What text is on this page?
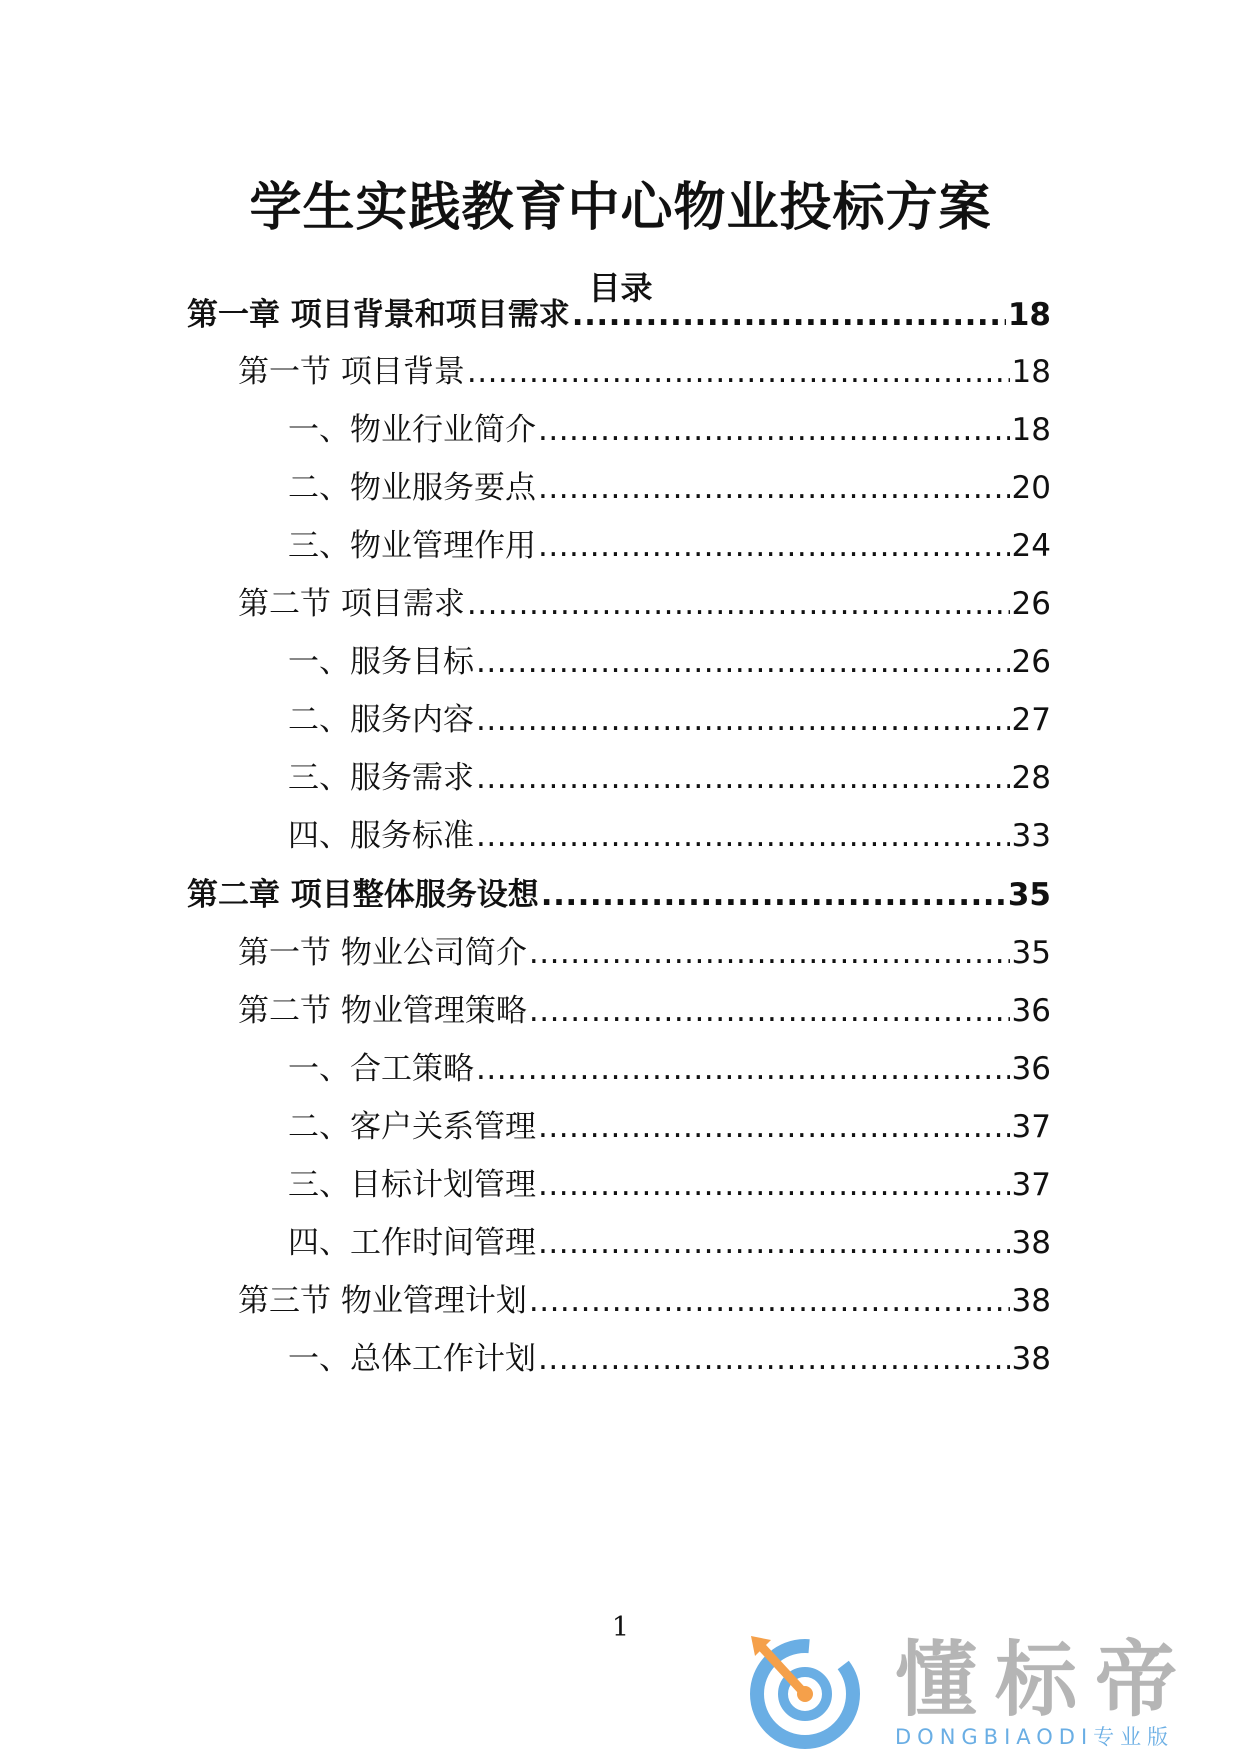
学生实践教育中心物业投标方案
目录
第一章 项目背景和项目需求 .....	18
第一节 项目背景 .....	18
一、物业行业简介 .....	18
二、物业服务要点 .....	20
三、物业管理作用 .....	24
第二节 项目需求 .....	26
一、服务目标 .....	26
二、服务内容 .....	27
三、服务需求 .....	28
四、服务标准 .....	33
第二章 项目整体服务设想 .....	35
第一节 物业公司简介 .....	35
第二节 物业管理策略 .....	36
一、合工策略 .....	36
二、客户关系管理 .....	37
三、目标计划管理 .....	37
四、工作时间管理 .....	38
第三节 物业管理计划 .....	38
一、总体工作计划 .....	38
1
懂标帝
DONGBIAODI专业版
